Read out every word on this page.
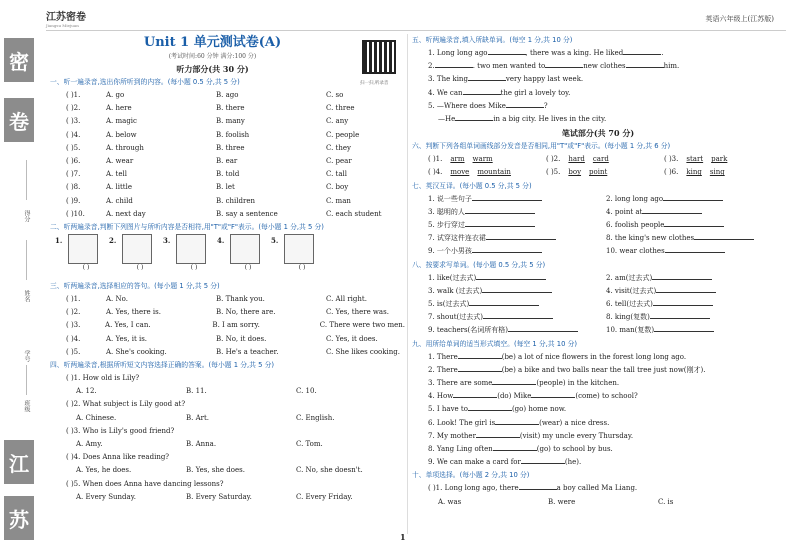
密
卷
得分
姓名
学号
班级
江
苏
江苏密卷
Jiangsu Miejuan
英语六年级上(江苏版)
扫一扫,听录音
Unit 1 单元测试卷(A)
(考试时间:60 分钟 满分:100 分)
听力部分(共 30 分)
一、听一遍录音,选出你所听到的内容。(每小题 0.5 分,共 5 分)
( )1.	A. go	B. ago	C. so
( )2.	A. here	B. there	C. three
( )3.	A. magic	B. many	C. any
( )4.	A. below	B. foolish	C. people
( )5.	A. through	B. three	C. they
( )6.	A. wear	B. ear	C. pear
( )7.	A. tell	B. told	C. tall
( )8.	A. little	B. let	C. boy
( )9.	A. child	B. children	C. man
( )10.	A. next day	B. say a sentence	C. each student
二、听两遍录音,判断下列图片与所听内容是否相符,用"T"或"F"表示。(每小题 1 分,共 5 分)
1.
( )
2.
( )
3.
( )
4.
( )
5.
( )
三、听两遍录音,选择相应的答句。(每小题 1 分,共 5 分)
( )1.	A. No.	B. Thank you.	C. All right.
( )2.	A. Yes, there is.	B. No, there are.	C. Yes, there was.
( )3.	A. Yes, I can.	B. I am sorry.	C. There were two men.
( )4.	A. Yes, it is.	B. No, it does.	C. Yes, it does.
( )5.	A. She's cooking.	B. He's a teacher.	C. She likes cooking.
四、听两遍录音,根据所听短文内容选择正确的答案。(每小题 1 分,共 5 分)
( )1. How old is Lily?
A. 12.	B. 11.	C. 10.
( )2. What subject is Lily good at?
A. Chinese.	B. Art.	C. English.
( )3. Who is Lily's good friend?
A. Amy.	B. Anna.	C. Tom.
( )4. Does Anna like reading?
A. Yes, he does.	B. Yes, she does.	C. No, she doesn't.
( )5. When does Anna have dancing lessons?
A. Every Sunday.	B. Every Saturday.	C. Every Friday.
五、听两遍录音,填入所缺单词。(每空 1 分,共 10 分)
1. Long long ago	, there was a king. He liked	.
2.	. two men wanted to	new clothes	him.
3. The king	very happy last week.
4. We can	the girl a lovely toy.
5. —Where does Mike	?
—He	in a big city. He lives in the city.
笔试部分(共 70 分)
六、判断下列各组单词画线部分发音是否相同,用"T"或"F"表示。(每小题 1 分,共 6 分)
( )1. arm warm	( )2. hard card	( )3. start park
( )4. move mountain	( )5. boy point	( )6. king sing
七、英汉互译。(每小题 0.5 分,共 5 分)
1. 说一些句子	2. long long ago
3. 聪明的人	4. point at
5. 步行穿过	6. foolish people
7. 试穿这件连衣裙	8. the king's new clothes
9. 一个小男孩	10. wear clothes
八、按要求写单词。(每小题 0.5 分,共 5 分)
1. like(过去式)	2. am(过去式)
3. walk (过去式)	4. visit(过去式)
5. is(过去式)	6. tell(过去式)
7. shout(过去式)	8. king(复数)
9. teachers(名词所有格)	10. man(复数)
九、用所给单词的适当形式填空。(每空 1 分,共 10 分)
1. There	(be) a lot of nice flowers in the forest long long ago.
2. There	(be) a bike and two balls near the tall tree just now(刚才).
3. There are some	(people) in the kitchen.
4. How	(do) Mike	(come) to school?
5. I have to	(go) home now.
6. Look! The girl is	(wear) a nice dress.
7. My mother	(visit) my uncle every Thursday.
8. Yang Ling often	(go) to school by bus.
9. We can make a card for	(he).
十、单项选择。(每小题 2 分,共 10 分)
( )1. Long long ago, there	a boy called Ma Liang.
A. was	B. were	C. is
1
